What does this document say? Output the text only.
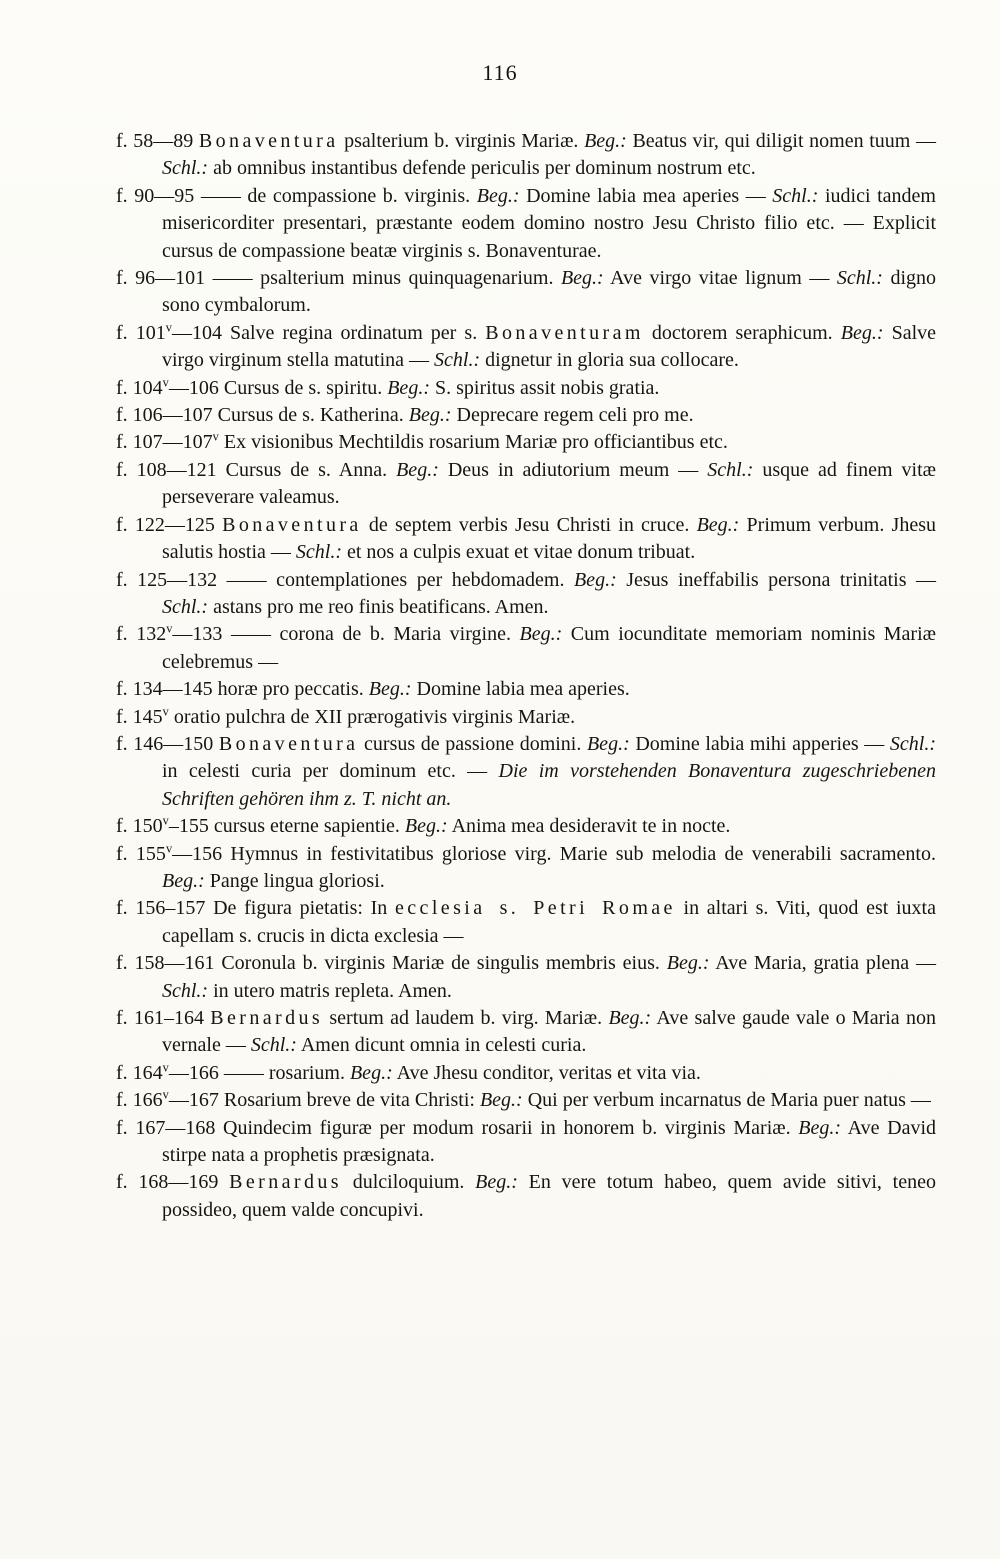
116

f. 58—89 Bonaventura psalterium b. virginis Mariæ. Beg.: Beatus vir, qui diligit nomen tuum — Schl.: ab omnibus instantibus defende periculis per dominum nostrum etc.

f. 90—95 —— de compassione b. virginis. Beg.: Domine labia mea aperies — Schl.: iudici tandem misericorditer presentari, præstante eodem domino nostro Jesu Christo filio etc. — Explicit cursus de compassione beatæ virginis s. Bonaventurae.

f. 96—101 —— psalterium minus quinquagenarium. Beg.: Ave virgo vitae lignum — Schl.: digno sono cymbalorum.

f. 101$^v$—104 Salve regina ordinatum per s. Bonaventuram doctorem seraphicum. Beg.: Salve virgo virginum stella matutina — Schl.: dignetur in gloria sua collocare.

f. 104$^v$—106 Cursus de s. spiritu. Beg.: S. spiritus assit nobis gratia.

f. 106—107 Cursus de s. Katherina. Beg.: Deprecare regem celi pro me.

f. 107—107$^v$ Ex visionibus Mechtildis rosarium Mariæ pro officiantibus etc.

f. 108—121 Cursus de s. Anna. Beg.: Deus in adiutorium meum — Schl.: usque ad finem vitæ perseverare valeamus.

f. 122—125 Bonaventura de septem verbis Jesu Christi in cruce. Beg.: Primum verbum. Jhesu salutis hostia — Schl.: et nos a culpis exuat et vitae donum tribuat.

f. 125—132 —— contemplationes per hebdomadem. Beg.: Jesus ineffabilis persona trinitatis — Schl.: astans pro me reo finis beatificans. Amen.

f. 132$^v$—133 —— corona de b. Maria virgine. Beg.: Cum iocunditate memoriam nominis Mariæ celebremus —

f. 134—145 horæ pro peccatis. Beg.: Domine labia mea aperies.

f. 145$^v$ oratio pulchra de XII prærogativis virginis Mariæ.

f. 146—150 Bonaventura cursus de passione domini. Beg.: Domine labia mihi apperies — Schl.: in celesti curia per dominum etc. — Die im vorstehenden Bonaventura zugeschriebenen Schriften gehören ihm z. T. nicht an.

f. 150$^v$–155 cursus eterne sapientie. Beg.: Anima mea desideravit te in nocte.

f. 155$^v$—156 Hymnus in festivitatibus gloriose virg. Marie sub melodia de venerabili sacramento. Beg.: Pange lingua gloriosi.

f. 156–157 De figura pietatis: In ecclesia s. Petri Romae in altari s. Viti, quod est iuxta capellam s. crucis in dicta exclesia —

f. 158—161 Coronula b. virginis Mariæ de singulis membris eius. Beg.: Ave Maria, gratia plena — Schl.: in utero matris repleta. Amen.

f. 161–164 Bernardus sertum ad laudem b. virg. Mariæ. Beg.: Ave salve gaude vale o Maria non vernale — Schl.: Amen dicunt omnia in celesti curia.

f. 164$^v$—166 —— rosarium. Beg.: Ave Jhesu conditor, veritas et vita via.

f. 166$^v$—167 Rosarium breve de vita Christi: Beg.: Qui per verbum incarnatus de Maria puer natus —

f. 167—168 Quindecim figuræ per modum rosarii in honorem b. virginis Mariæ. Beg.: Ave David stirpe nata a prophetis præsignata.

f. 168—169 Bernardus dulciloquium. Beg.: En vere totum habeo, quem avide sitivi, teneo possideo, quem valde concupivi.
